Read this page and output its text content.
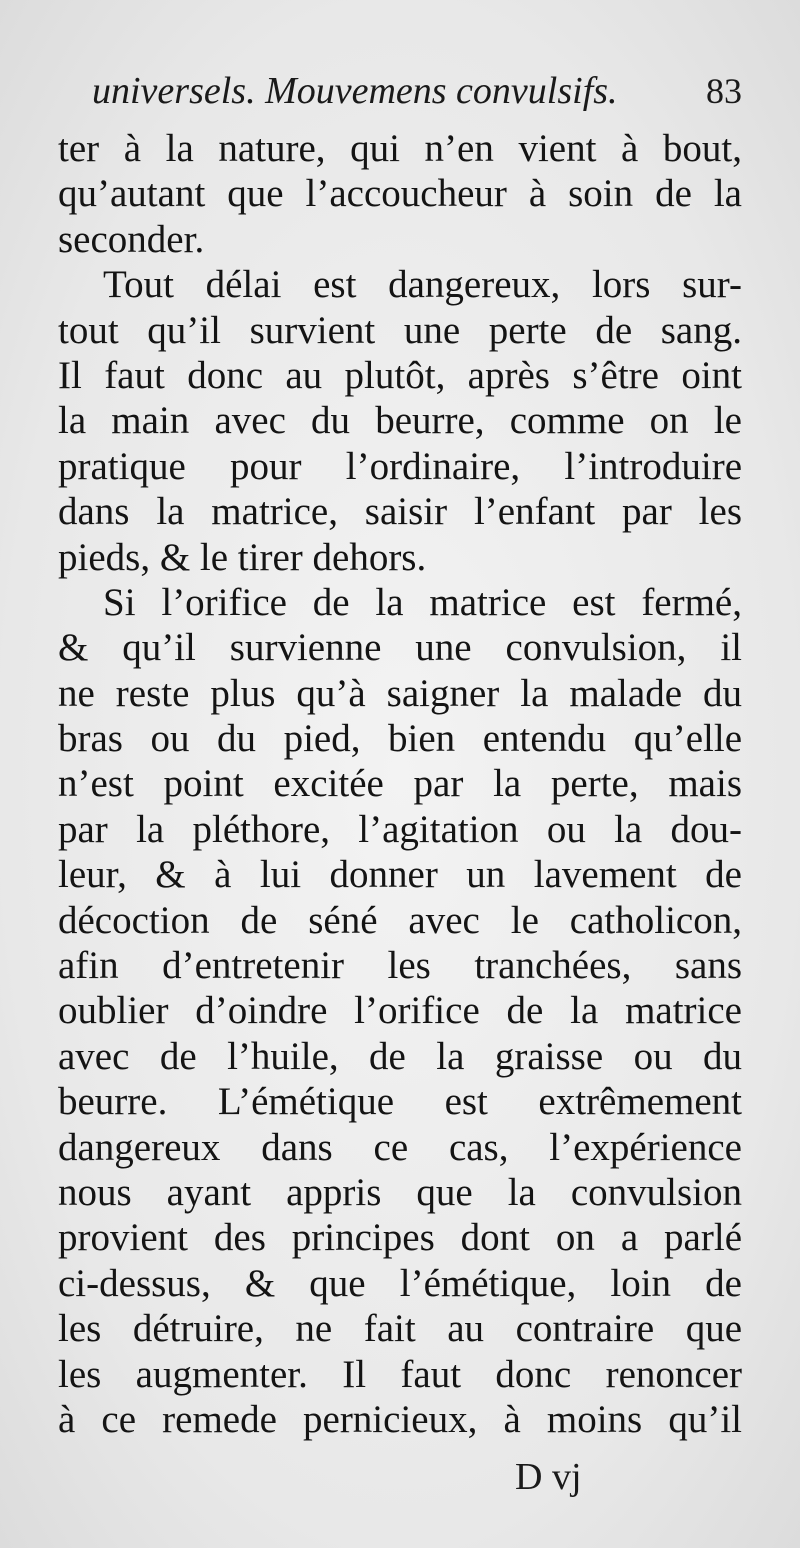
universels. Mouvemens convulsifs. 83
ter à la nature, qui n’en vient à bout,
qu’autant que l’accoucheur à soin de la
seconder.
Tout délai est dangereux, lors sur-
tout qu’il survient une perte de sang.
Il faut donc au plutôt, après s’être oint
la main avec du beurre, comme on le
pratique pour l’ordinaire, l’introduire
dans la matrice, saisir l’enfant par les
pieds, & le tirer dehors.
Si l’orifice de la matrice est fermé,
& qu’il survienne une convulsion, il
ne reste plus qu’à saigner la malade du
bras ou du pied, bien entendu qu’elle
n’est point excitée par la perte, mais
par la pléthore, l’agitation ou la dou-
leur, & à lui donner un lavement de
décoction de séné avec le catholicon,
afin d’entretenir les tranchées, sans
oublier d’oindre l’orifice de la matrice
avec de l’huile, de la graisse ou du
beurre. L’émétique est extrêmement
dangereux dans ce cas, l’expérience
nous ayant appris que la convulsion
provient des principes dont on a parlé
ci-dessus, & que l’émétique, loin de
les détruire, ne fait au contraire que
les augmenter. Il faut donc renoncer
à ce remede pernicieux, à moins qu’il
D vj
